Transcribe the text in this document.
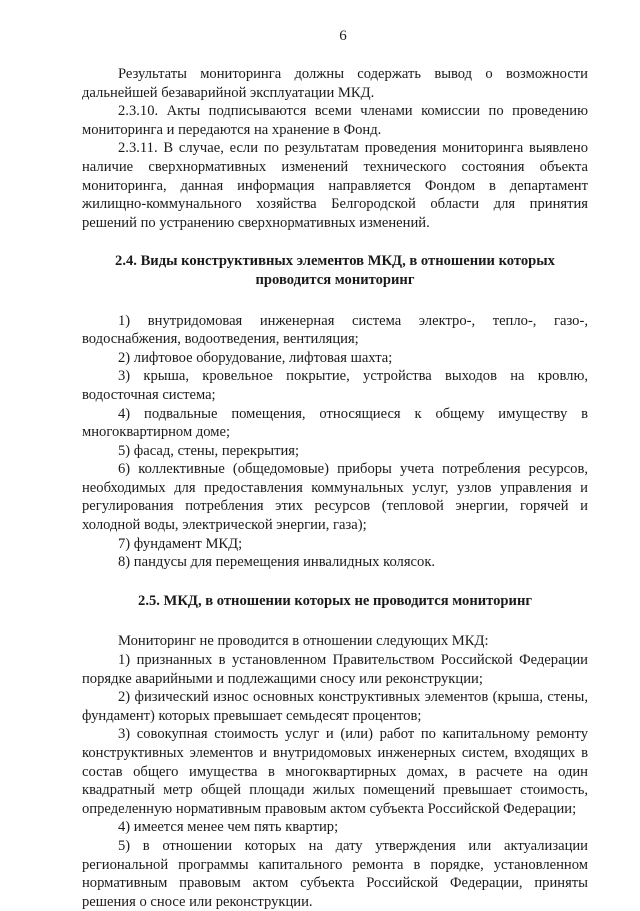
6

Результаты мониторинга должны содержать вывод о возможности дальнейшей безаварийной эксплуатации МКД.

2.3.10. Акты подписываются всеми членами комиссии по проведению мониторинга и передаются на хранение в Фонд.

2.3.11. В случае, если по результатам проведения мониторинга выявлено наличие сверхнормативных изменений технического состояния объекта мониторинга, данная информация направляется Фондом в департамент жилищно-коммунального хозяйства Белгородской области для принятия решений по устранению сверхнормативных изменений.

2.4. Виды конструктивных элементов МКД, в отношении которых
проводится мониторинг

1) внутридомовая инженерная система электро-, тепло-, газо-, водоснабжения, водоотведения, вентиляция;

2) лифтовое оборудование, лифтовая шахта;

3) крыша, кровельное покрытие, устройства выходов на кровлю, водосточная система;

4) подвальные помещения, относящиеся к общему имуществу в многоквартирном доме;

5) фасад, стены, перекрытия;

6) коллективные (общедомовые) приборы учета потребления ресурсов, необходимых для предоставления коммунальных услуг, узлов управления и регулирования потребления этих ресурсов (тепловой энергии, горячей и холодной воды, электрической энергии, газа);

7) фундамент МКД;

8) пандусы для перемещения инвалидных колясок.

2.5. МКД, в отношении которых не проводится мониторинг

Мониторинг не проводится в отношении следующих МКД:

1) признанных в установленном Правительством Российской Федерации порядке аварийными и подлежащими сносу или реконструкции;

2) физический износ основных конструктивных элементов (крыша, стены, фундамент) которых превышает семьдесят процентов;

3) совокупная стоимость услуг и (или) работ по капитальному ремонту конструктивных элементов и внутридомовых инженерных систем, входящих в состав общего имущества в многоквартирных домах, в расчете на один квадратный метр общей площади жилых помещений превышает стоимость, определенную нормативным правовым актом субъекта Российской Федерации;

4) имеется менее чем пять квартир;

5) в отношении которых на дату утверждения или актуализации региональной программы капитального ремонта в порядке, установленном нормативным правовым актом субъекта Российской Федерации, приняты решения о сносе или реконструкции.
